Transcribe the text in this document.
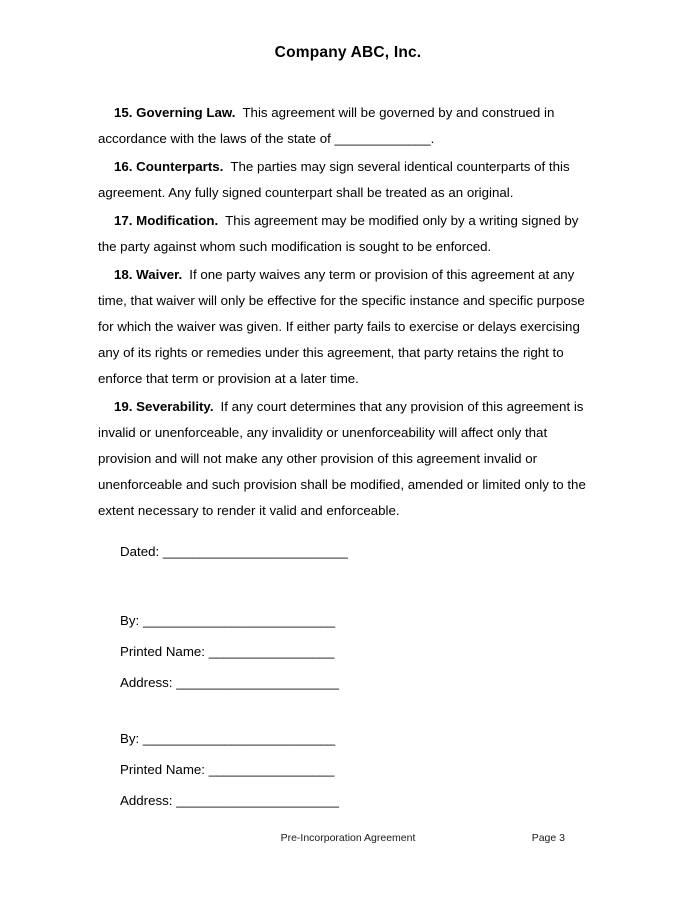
Company ABC, Inc.

15. Governing Law. This agreement will be governed by and construed in accordance with the laws of the state of _____________.

16. Counterparts. The parties may sign several identical counterparts of this agreement. Any fully signed counterpart shall be treated as an original.

17. Modification. This agreement may be modified only by a writing signed by the party against whom such modification is sought to be enforced.

18. Waiver. If one party waives any term or provision of this agreement at any time, that waiver will only be effective for the specific instance and specific purpose for which the waiver was given. If either party fails to exercise or delays exercising any of its rights or remedies under this agreement, that party retains the right to enforce that term or provision at a later time.

19. Severability. If any court determines that any provision of this agreement is invalid or unenforceable, any invalidity or unenforceability will affect only that provision and will not make any other provision of this agreement invalid or unenforceable and such provision shall be modified, amended or limited only to the extent necessary to render it valid and enforceable.

Dated: _________________________
By: __________________________
Printed Name: _________________
Address: ______________________
By: __________________________
Printed Name: _________________
Address: ______________________
Pre-Incorporation Agreement	Page 3
